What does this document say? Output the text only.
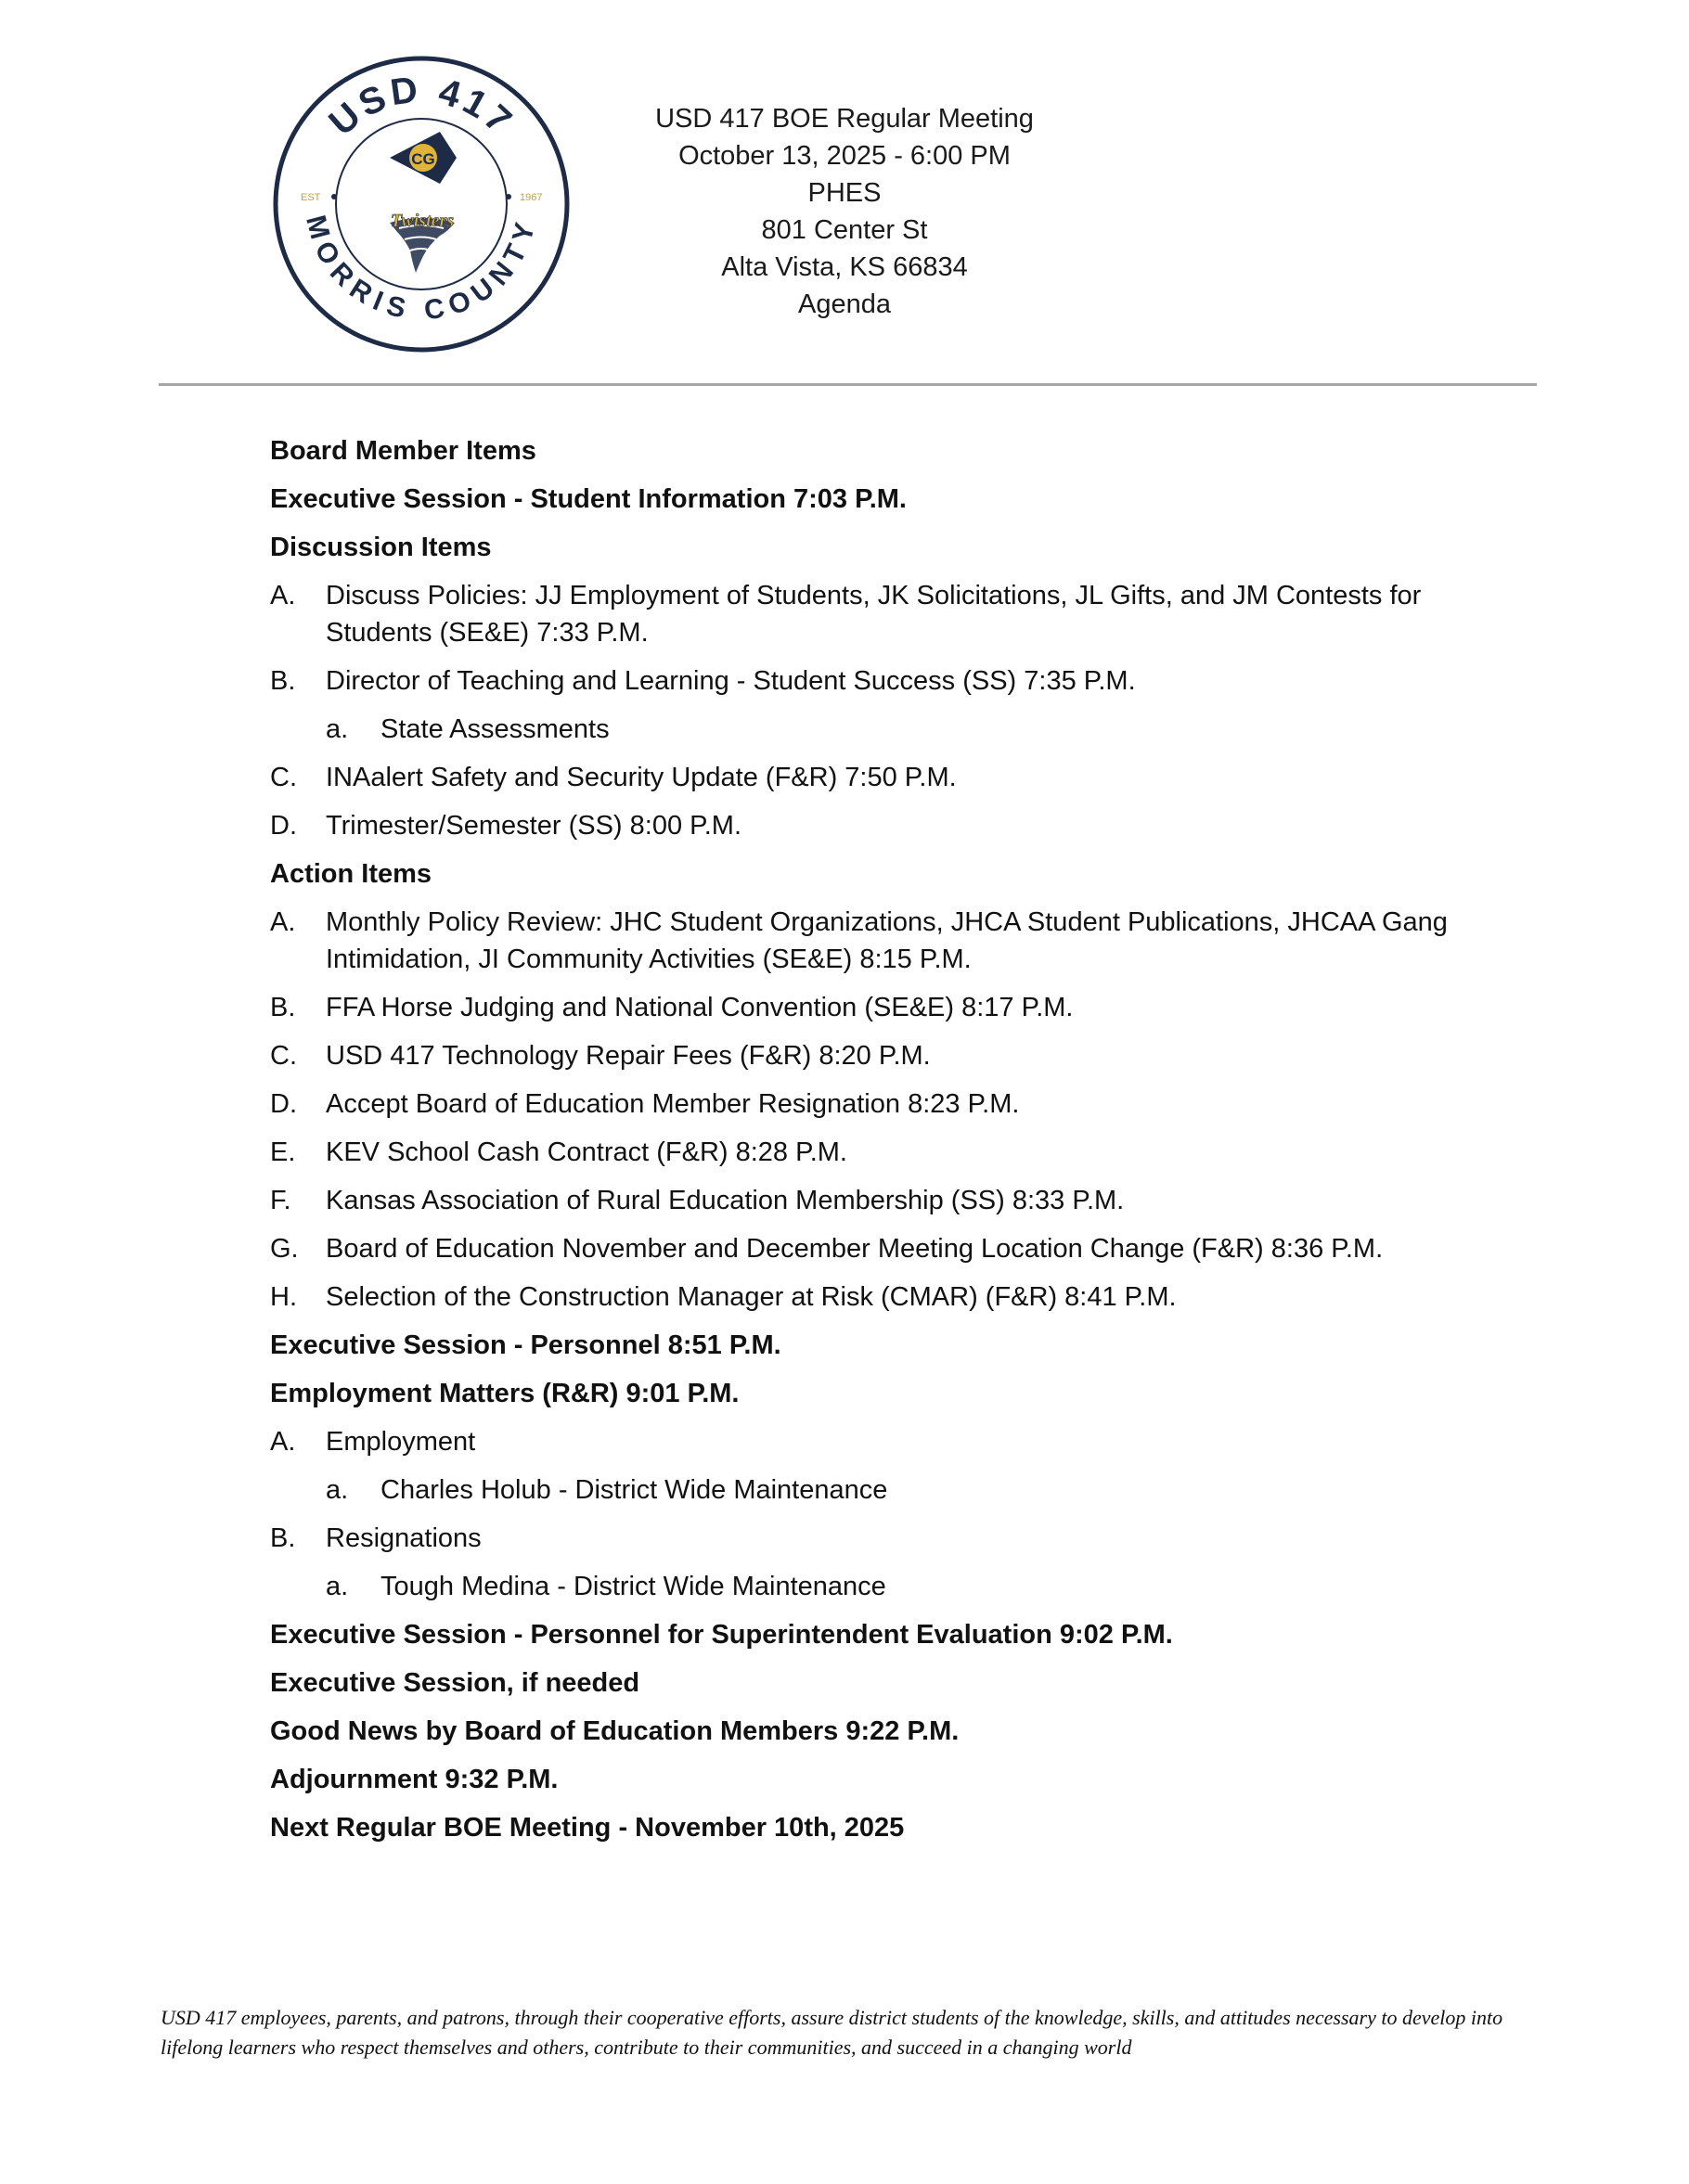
USD 417
MORRIS COUNTY
EST	1967
CG
Twisters
USD 417 BOE Regular Meeting
October 13, 2025 - 6:00 PM
PHES
801 Center St
Alta Vista, KS 66834
Agenda
Board Member Items
Executive Session - Student Information 7:03 P.M.
Discussion Items
A.	Discuss Policies: JJ Employment of Students, JK Solicitations, JL Gifts, and JM Contests for Students (SE&E) 7:33 P.M.
B.	Director of Teaching and Learning - Student Success (SS) 7:35 P.M.
a.	State Assessments
C.	INAalert Safety and Security Update (F&R) 7:50 P.M.
D.	Trimester/Semester (SS) 8:00 P.M.
Action Items
A.	Monthly Policy Review: JHC Student Organizations, JHCA Student Publications, JHCAA Gang Intimidation, JI Community Activities (SE&E) 8:15 P.M.
B.	FFA Horse Judging and National Convention (SE&E) 8:17 P.M.
C.	USD 417 Technology Repair Fees (F&R) 8:20 P.M.
D.	Accept Board of Education Member Resignation 8:23 P.M.
E.	KEV School Cash Contract (F&R) 8:28 P.M.
F.	Kansas Association of Rural Education Membership (SS) 8:33 P.M.
G.	Board of Education November and December Meeting Location Change (F&R) 8:36 P.M.
H.	Selection of the Construction Manager at Risk (CMAR) (F&R) 8:41 P.M.
Executive Session - Personnel 8:51 P.M.
Employment Matters (R&R) 9:01 P.M.
A.	Employment
a.	Charles Holub - District Wide Maintenance
B.	Resignations
a.	Tough Medina - District Wide Maintenance
Executive Session - Personnel for Superintendent Evaluation 9:02 P.M.
Executive Session, if needed
Good News by Board of Education Members 9:22 P.M.
Adjournment 9:32 P.M.
Next Regular BOE Meeting - November 10th, 2025
USD 417 employees, parents, and patrons, through their cooperative efforts, assure district students of the knowledge, skills, and attitudes necessary to develop into lifelong learners who respect themselves and others, contribute to their communities, and succeed in a changing world
